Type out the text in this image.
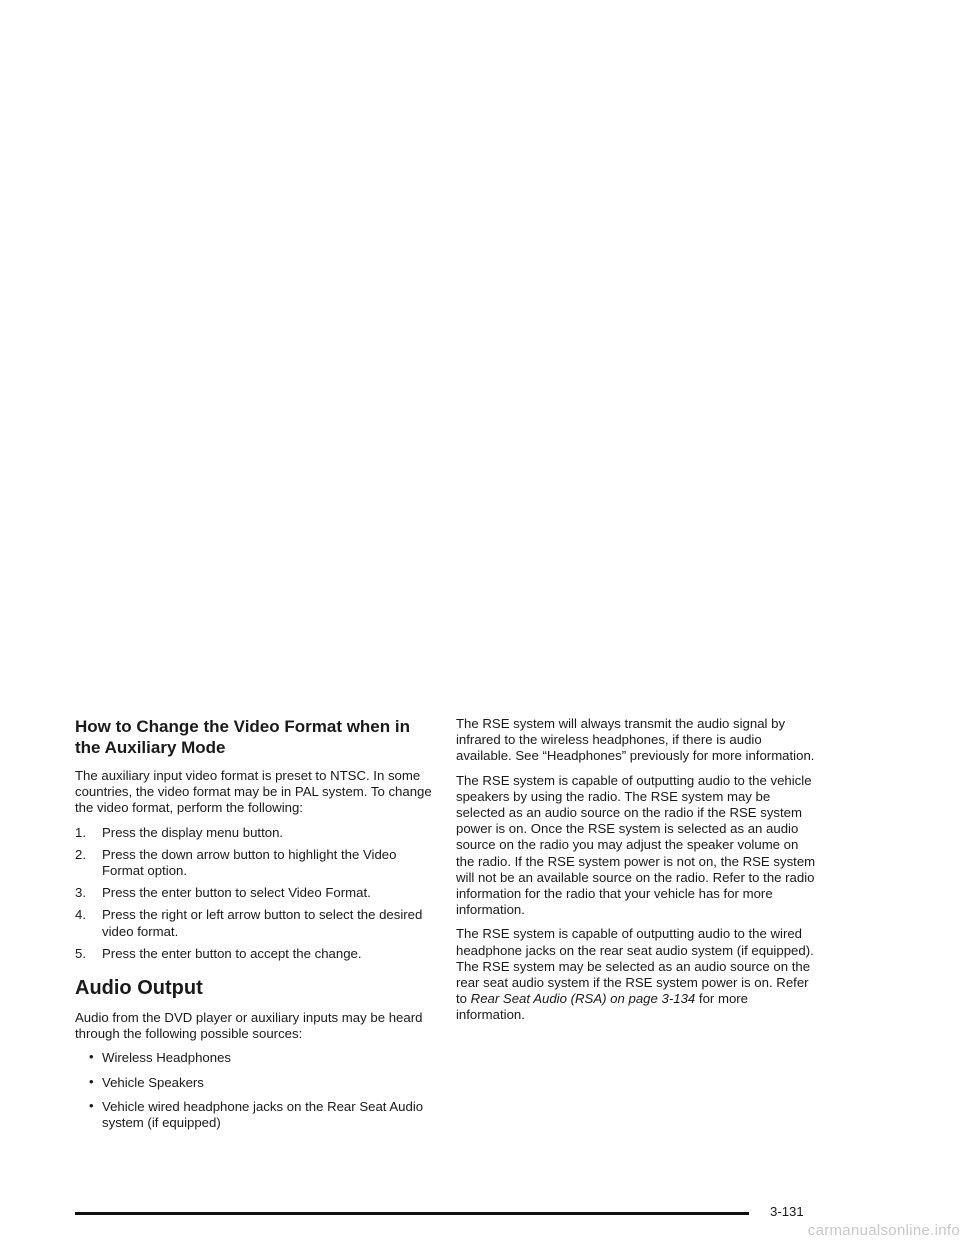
How to Change the Video Format when in the Auxiliary Mode

The auxiliary input video format is preset to NTSC. In some countries, the video format may be in PAL system. To change the video format, perform the following:

1. Press the display menu button.
2. Press the down arrow button to highlight the Video Format option.
3. Press the enter button to select Video Format.
4. Press the right or left arrow button to select the desired video format.
5. Press the enter button to accept the change.
Audio Output

Audio from the DVD player or auxiliary inputs may be heard through the following possible sources:

• Wireless Headphones
• Vehicle Speakers
• Vehicle wired headphone jacks on the Rear Seat Audio system (if equipped)

The RSE system will always transmit the audio signal by infrared to the wireless headphones, if there is audio available. See “Headphones” previously for more information.

The RSE system is capable of outputting audio to the vehicle speakers by using the radio. The RSE system may be selected as an audio source on the radio if the RSE system power is on. Once the RSE system is selected as an audio source on the radio you may adjust the speaker volume on the radio. If the RSE system power is not on, the RSE system will not be an available source on the radio. Refer to the radio information for the radio that your vehicle has for more information.

The RSE system is capable of outputting audio to the wired headphone jacks on the rear seat audio system (if equipped). The RSE system may be selected as an audio source on the rear seat audio system if the RSE system power is on. Refer to Rear Seat Audio (RSA) on page 3-134 for more information.

3-131
carmanualsonline.info
